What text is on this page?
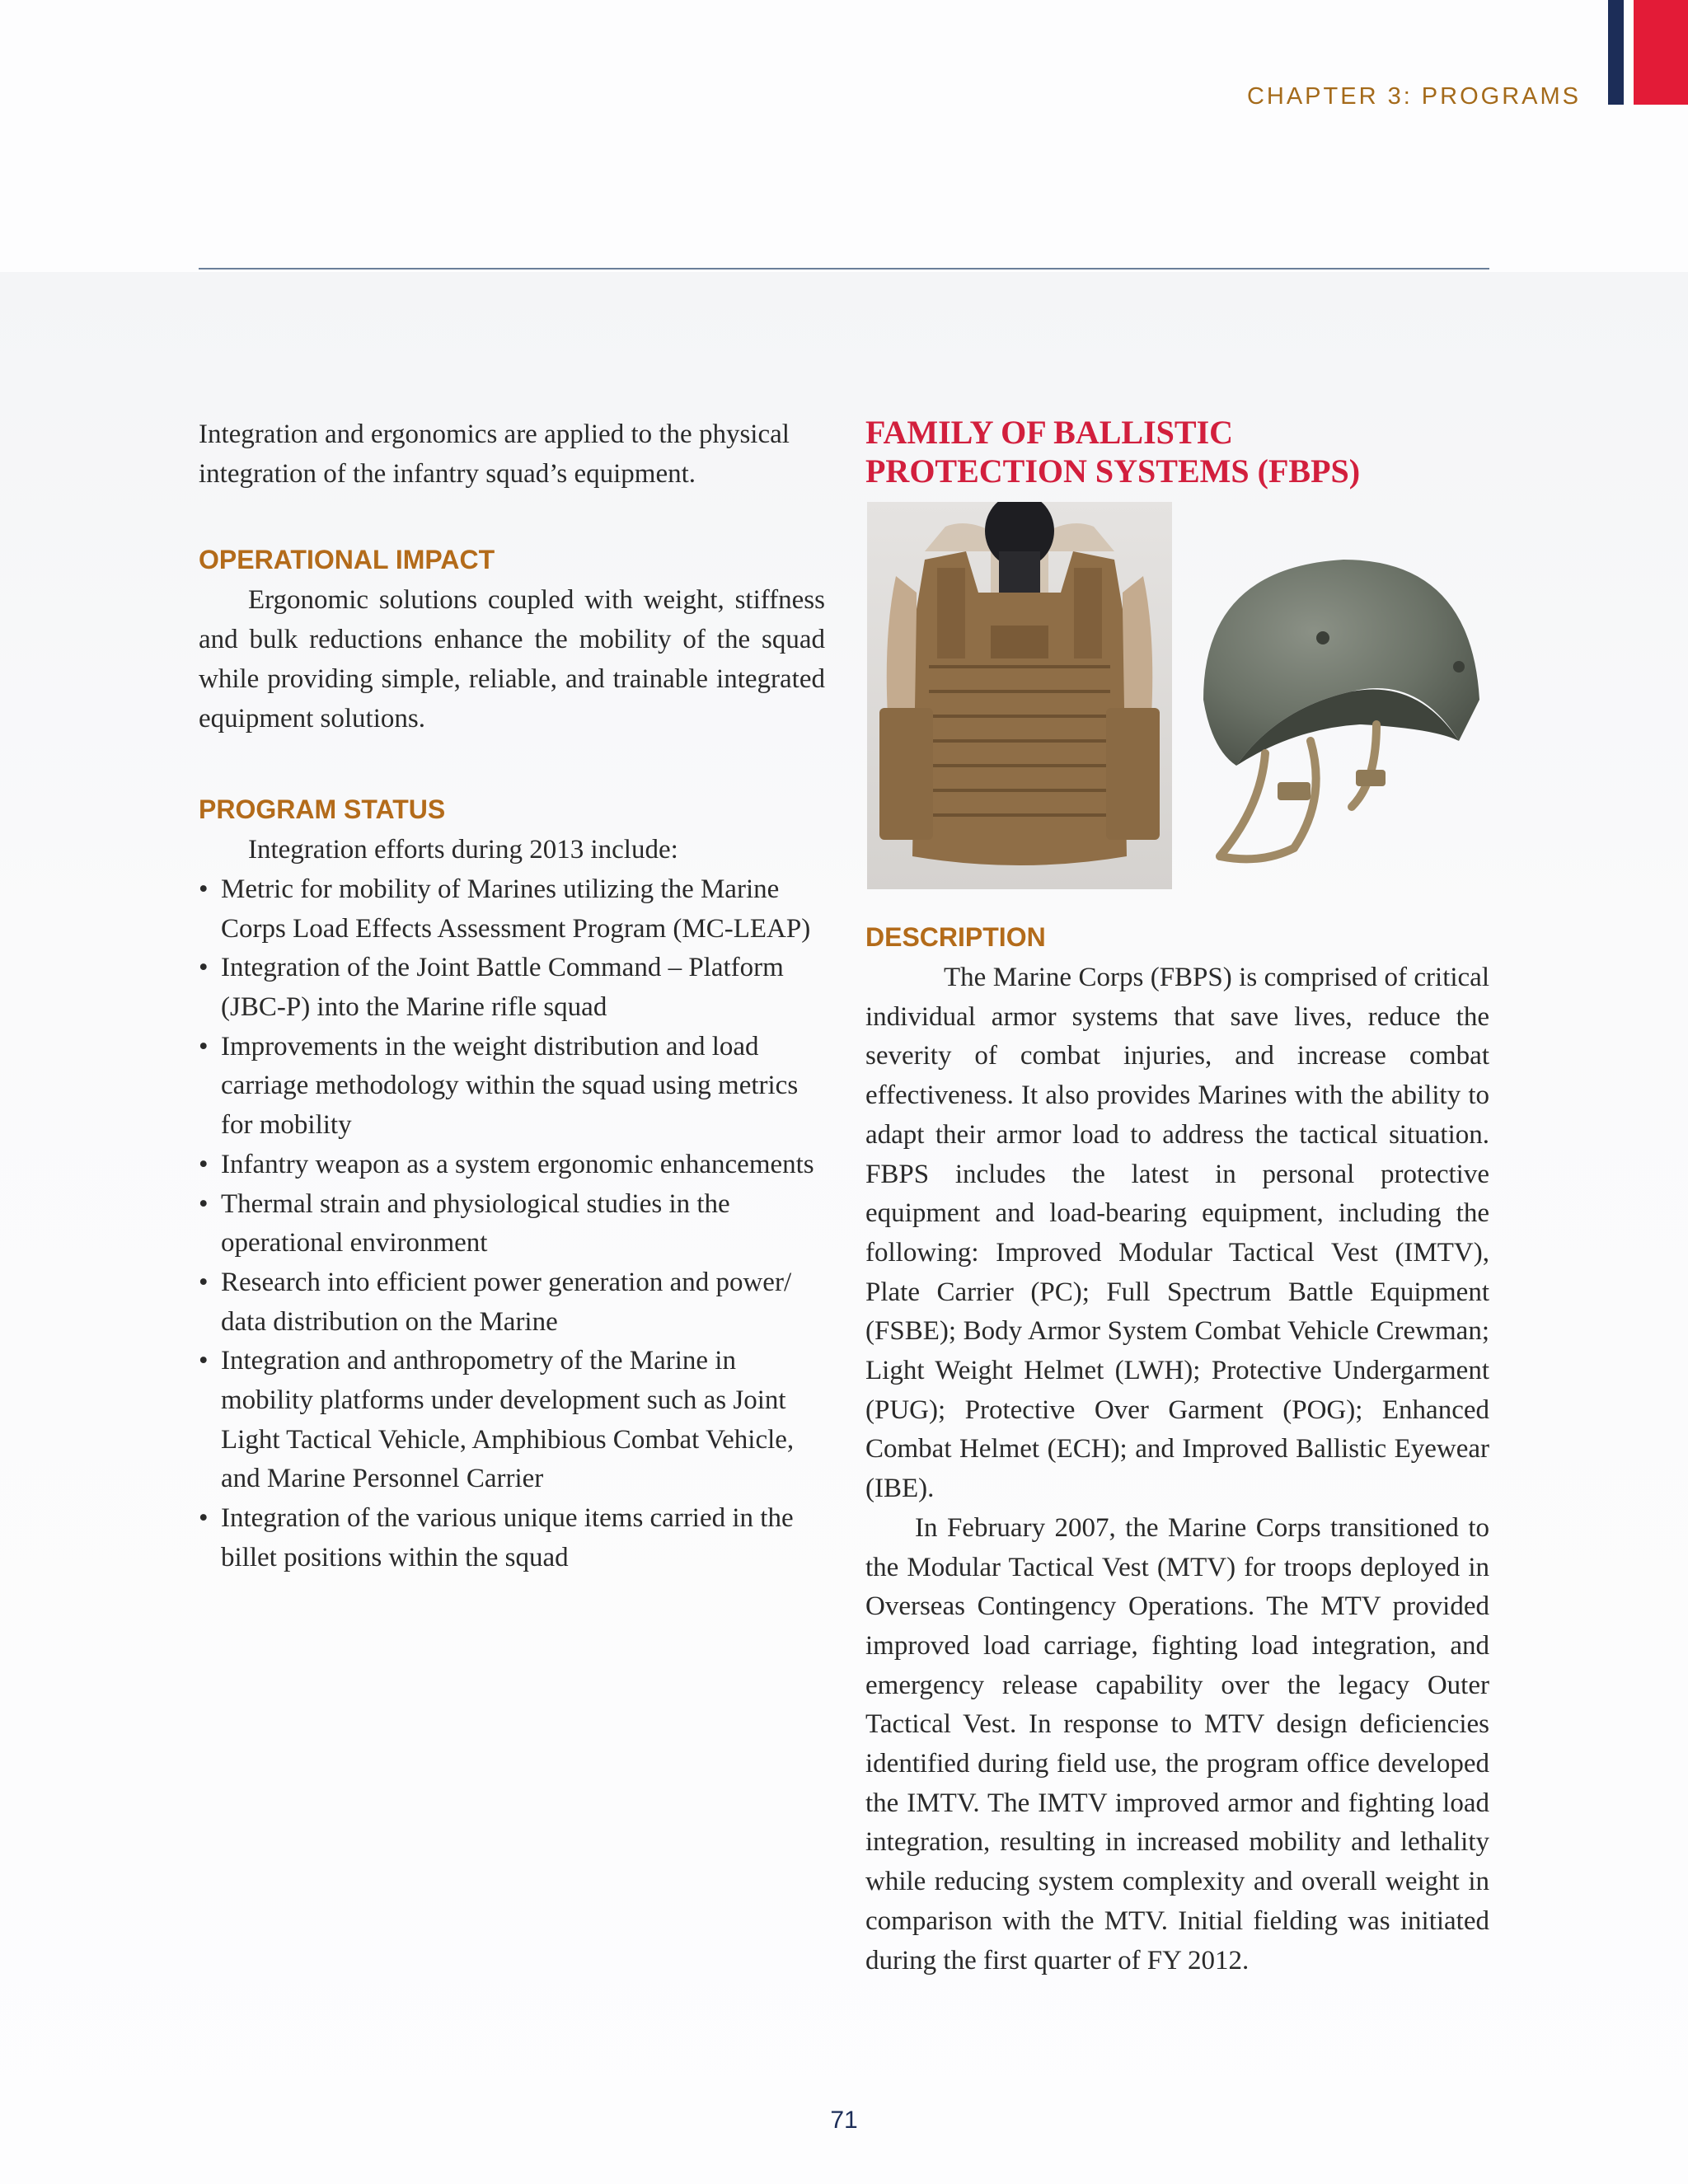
CHAPTER 3: PROGRAMS

Integration and ergonomics are applied to the physical integration of the infantry squad’s equipment.

OPERATIONAL IMPACT

Ergonomic solutions coupled with weight, stiffness and bulk reductions enhance the mobility of the squad while providing simple, reliable, and trainable integrated equipment solutions.

PROGRAM STATUS

Integration efforts during 2013 include:

• Metric for mobility of Marines utilizing the Marine Corps Load Effects Assessment Program (MC-LEAP)
• Integration of the Joint Battle Command – Platform (JBC-P) into the Marine rifle squad
• Improvements in the weight distribution and load carriage methodology within the squad using metrics for mobility
• Infantry weapon as a system ergonomic enhancements
• Thermal strain and physiological studies in the operational environment
• Research into efficient power generation and power/ data distribution on the Marine
• Integration and anthropometry of the Marine in mobility platforms under development such as Joint Light Tactical Vehicle, Amphibious Combat Vehicle, and Marine Personnel Carrier
• Integration of the various unique items carried in the billet positions within the squad
FAMILY OF BALLISTIC
PROTECTION SYSTEMS (FBPS)
DESCRIPTION

The Marine Corps (FBPS) is comprised of critical individual armor systems that save lives, reduce the severity of combat injuries, and increase combat effectiveness. It also provides Marines with the ability to adapt their armor load to address the tactical situation. FBPS includes the latest in personal protective equipment and load-bearing equipment, including the following: Improved Modular Tactical Vest (IMTV), Plate Carrier (PC); Full Spectrum Battle Equipment (FSBE); Body Armor System Combat Vehicle Crewman; Light Weight Helmet (LWH); Protective Undergarment (PUG); Protective Over Garment (POG); Enhanced Combat Helmet (ECH); and Improved Ballistic Eyewear (IBE).

In February 2007, the Marine Corps transitioned to the Modular Tactical Vest (MTV) for troops deployed in Overseas Contingency Operations. The MTV provided improved load carriage, fighting load integration, and emergency release capability over the legacy Outer Tactical Vest. In response to MTV design deficiencies identified during field use, the program office developed the IMTV. The IMTV improved armor and fighting load integration, resulting in increased mobility and lethality while reducing system complexity and overall weight in comparison with the MTV. Initial fielding was initiated during the first quarter of FY 2012.

71
